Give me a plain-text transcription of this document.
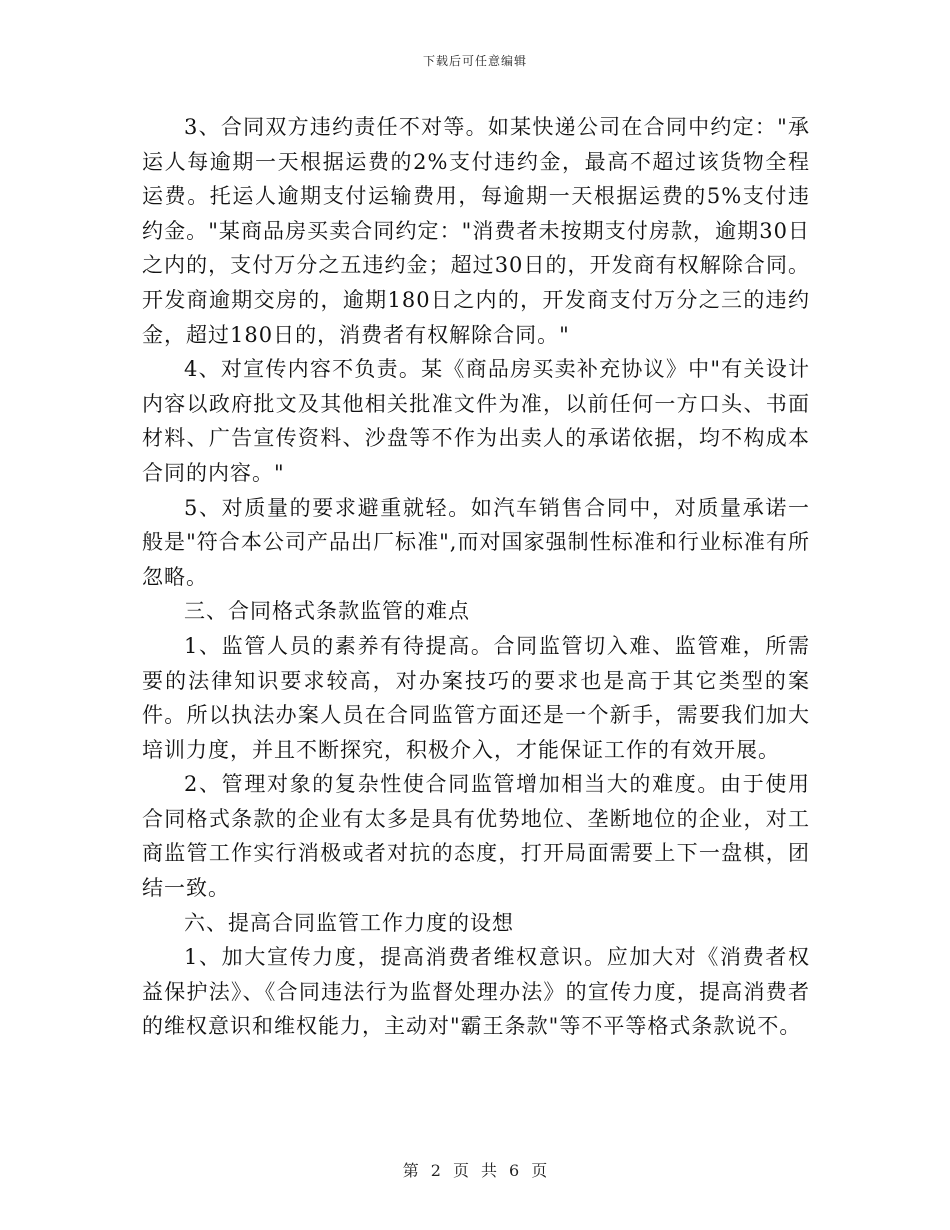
下载后可任意编辑

3、合同双方违约责任不对等。如某快递公司在合同中约定："承运人每逾期一天根据运费的2%支付违约金，最高不超过该货物全程运费。托运人逾期支付运输费用，每逾期一天根据运费的5%支付违约金。"某商品房买卖合同约定："消费者未按期支付房款，逾期30日之内的，支付万分之五违约金；超过30日的，开发商有权解除合同。开发商逾期交房的，逾期180日之内的，开发商支付万分之三的违约金，超过180日的，消费者有权解除合同。"

4、对宣传内容不负责。某《商品房买卖补充协议》中"有关设计内容以政府批文及其他相关批准文件为准，以前任何一方口头、书面材料、广告宣传资料、沙盘等不作为出卖人的承诺依据，均不构成本合同的内容。"

5、对质量的要求避重就轻。如汽车销售合同中，对质量承诺一般是"符合本公司产品出厂标准",而对国家强制性标准和行业标准有所忽略。

三、合同格式条款监管的难点

1、监管人员的素养有待提高。合同监管切入难、监管难，所需要的法律知识要求较高，对办案技巧的要求也是高于其它类型的案件。所以执法办案人员在合同监管方面还是一个新手，需要我们加大培训力度，并且不断探究，积极介入，才能保证工作的有效开展。

2、管理对象的复杂性使合同监管增加相当大的难度。由于使用合同格式条款的企业有太多是具有优势地位、垄断地位的企业，对工商监管工作实行消极或者对抗的态度，打开局面需要上下一盘棋，团结一致。

六、提高合同监管工作力度的设想

1、加大宣传力度，提高消费者维权意识。应加大对《消费者权益保护法》、《合同违法行为监督处理办法》的宣传力度，提高消费者的维权意识和维权能力，主动对"霸王条款"等不平等格式条款说不。

第 2 页 共 6 页
